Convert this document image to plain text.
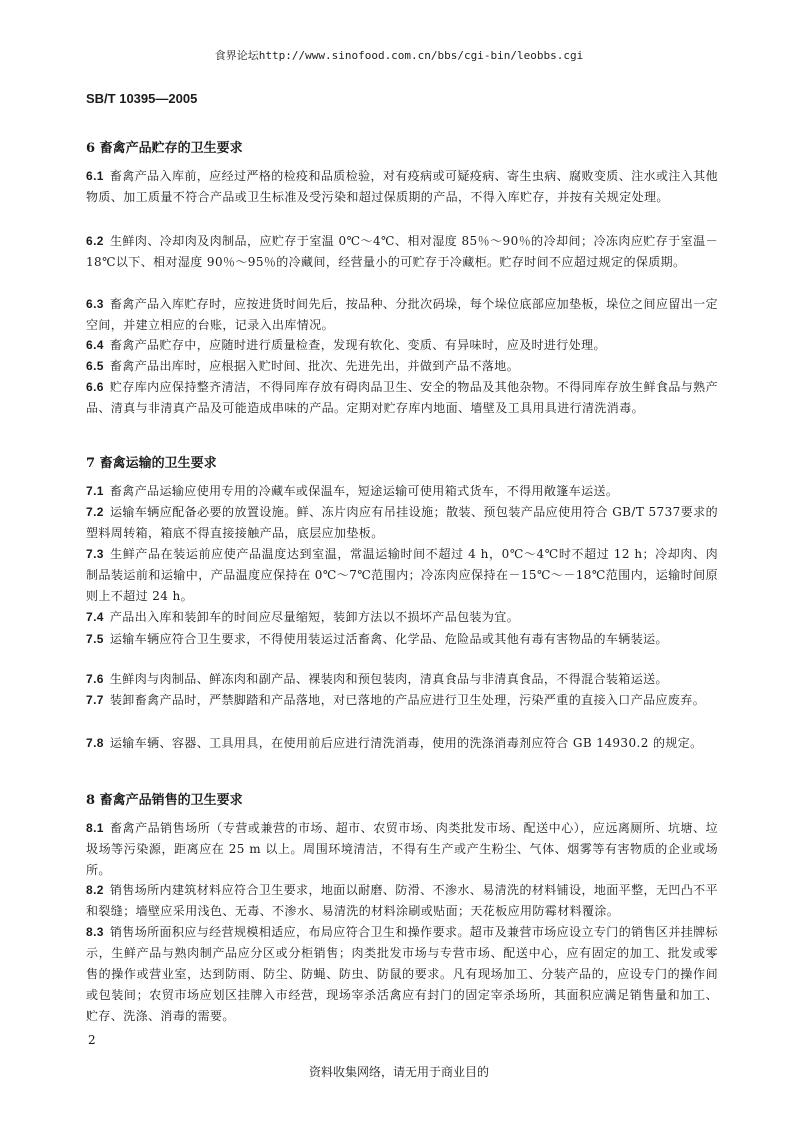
食界论坛http://www.sinofood.com.cn/bbs/cgi-bin/leobbs.cgi
SB/T 10395—2005
6 畜禽产品贮存的卫生要求
6.1 畜禽产品入库前，应经过严格的检疫和品质检验，对有疫病或可疑疫病、寄生虫病、腐败变质、注水或注入其他物质、加工质量不符合产品或卫生标准及受污染和超过保质期的产品，不得入库贮存，并按有关规定处理。
6.2 生鲜肉、冷却肉及肉制品，应贮存于室温 0℃～4℃、相对湿度 85％～90％的冷却间；冷冻肉应贮存于室温－18℃以下、相对湿度 90％～95％的冷藏间，经营量小的可贮存于冷藏柜。贮存时间不应超过规定的保质期。
6.3 畜禽产品入库贮存时，应按进货时间先后，按品种、分批次码垛，每个垛位底部应加垫板，垛位之间应留出一定空间，并建立相应的台账，记录入出库情况。
6.4 畜禽产品贮存中，应随时进行质量检查，发现有软化、变质、有异味时，应及时进行处理。
6.5 畜禽产品出库时，应根据入贮时间、批次、先进先出，并做到产品不落地。
6.6 贮存库内应保持整齐清洁，不得同库存放有碍肉品卫生、安全的物品及其他杂物。不得同库存放生鲜食品与熟产品、清真与非清真产品及可能造成串味的产品。定期对贮存库内地面、墙壁及工具用具进行清洗消毒。
7 畜禽运输的卫生要求
7.1 畜禽产品运输应使用专用的冷藏车或保温车，短途运输可使用箱式货车，不得用敞篷车运送。
7.2 运输车辆应配备必要的放置设施。鲜、冻片肉应有吊挂设施；散装、预包装产品应使用符合 GB/T 5737要求的塑料周转箱，箱底不得直接接触产品，底层应加垫板。
7.3 生鲜产品在装运前应使产品温度达到室温，常温运输时间不超过 4 h，0℃～4℃时不超过 12 h；冷却肉、肉制品装运前和运输中，产品温度应保持在 0℃～7℃范围内；冷冻肉应保持在－15℃～－18℃范围内，运输时间原则上不超过 24 h。
7.4 产品出入库和装卸车的时间应尽量缩短，装卸方法以不损坏产品包装为宜。
7.5 运输车辆应符合卫生要求，不得使用装运过活畜禽、化学品、危险品或其他有毒有害物品的车辆装运。
7.6 生鲜肉与肉制品、鲜冻肉和副产品、裸装肉和预包装肉，清真食品与非清真食品，不得混合装箱运送。
7.7 装卸畜禽产品时，严禁脚踏和产品落地，对已落地的产品应进行卫生处理，污染严重的直接入口产品应废弃。
7.8 运输车辆、容器、工具用具，在使用前后应进行清洗消毒，使用的洗涤消毒剂应符合 GB 14930.2 的规定。
8 畜禽产品销售的卫生要求
8.1 畜禽产品销售场所（专营或兼营的市场、超市、农贸市场、肉类批发市场、配送中心），应远离厕所、坑塘、垃圾场等污染源，距离应在 25 m 以上。周围环境清洁，不得有生产或产生粉尘、气体、烟雾等有害物质的企业或场所。
8.2 销售场所内建筑材料应符合卫生要求，地面以耐磨、防滑、不渗水、易清洗的材料铺设，地面平整，无凹凸不平和裂缝；墙壁应采用浅色、无毒、不渗水、易清洗的材料涂刷或贴面；天花板应用防霉材料覆涂。
8.3 销售场所面积应与经营规模相适应，布局应符合卫生和操作要求。超市及兼营市场应设立专门的销售区并挂牌标示，生鲜产品与熟肉制产品应分区或分柜销售；肉类批发市场与专营市场、配送中心，应有固定的加工、批发或零售的操作或营业室，达到防雨、防尘、防蝇、防虫、防鼠的要求。凡有现场加工、分装产品的，应设专门的操作间或包装间；农贸市场应划区挂牌入市经营，现场宰杀活禽应有封门的固定宰杀场所，其面积应满足销售量和加工、贮存、洗涤、消毒的需要。
2
资料收集网络，请无用于商业目的
